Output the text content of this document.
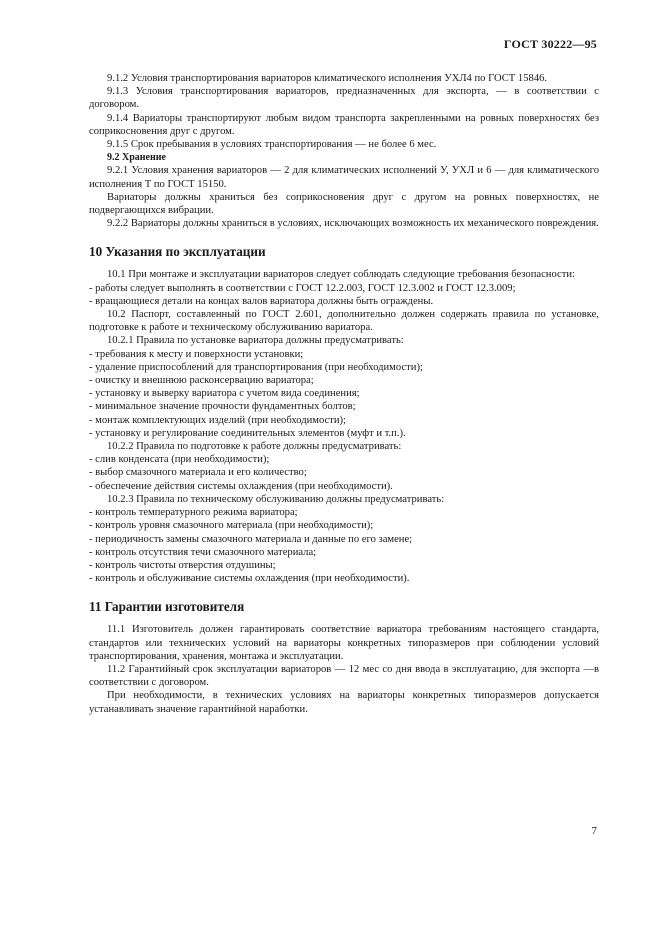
ГОСТ 30222—95

9.1.2 Условия транспортирования вариаторов климатического исполнения УХЛ4 по ГОСТ 15846.

9.1.3 Условия транспортирования вариаторов, предназначенных для экспорта, — в соответствии с договором.

9.1.4 Вариаторы транспортируют любым видом транспорта закрепленными на ровных поверхностях без соприкосновения друг с другом.

9.1.5 Срок пребывания в условиях транспортирования — не более 6 мес.

9.2 Хранение

9.2.1 Условия хранения вариаторов — 2 для климатических исполнений У, УХЛ и 6 — для климатического исполнения Т по ГОСТ 15150.

Вариаторы должны храниться без соприкосновения друг с другом на ровных поверхностях, не подвергающихся вибрации.

9.2.2 Вариаторы должны храниться в условиях, исключающих возможность их механического повреждения.

10 Указания по эксплуатации

10.1 При монтаже и эксплуатации вариаторов следует соблюдать следующие требования безопасности:

- работы следует выполнять в соответствии с ГОСТ 12.2.003, ГОСТ 12.3.002 и ГОСТ 12.3.009;

- вращающиеся детали на концах валов вариатора должны быть ограждены.

10.2 Паспорт, составленный по ГОСТ 2.601, дополнительно должен содержать правила по установке, подготовке к работе и техническому обслуживанию вариатора.

10.2.1 Правила по установке вариатора должны предусматривать:

- требования к месту и поверхности установки;

- удаление приспособлений для транспортирования (при необходимости);

- очистку и внешнюю расконсервацию вариатора;

- установку и выверку вариатора с учетом вида соединения;

- минимальное значение прочности фундаментных болтов;

- монтаж комплектующих изделий (при необходимости);

- установку и регулирование соединительных элементов (муфт и т.п.).

10.2.2 Правила по подготовке к работе должны предусматривать:

- слив конденсата (при необходимости);

- выбор смазочного материала и его количество;

- обеспечение действия системы охлаждения (при необходимости).

10.2.3 Правила по техническому обслуживанию должны предусматривать:

- контроль температурного режима вариатора;

- контроль уровня смазочного материала (при необходимости);

- периодичность замены смазочного материала и данные по его замене;

- контроль отсутствия течи смазочного материала;

- контроль чистоты отверстия отдушины;

- контроль и обслуживание системы охлаждения (при необходимости).

11 Гарантии изготовителя

11.1 Изготовитель должен гарантировать соответствие вариатора требованиям настоящего стандарта, стандартов или технических условий на вариаторы конкретных типоразмеров при соблюдении условий транспортирования, хранения, монтажа и эксплуатации.

11.2 Гарантийный срок эксплуатации вариаторов — 12 мес со дня ввода в эксплуатацию, для экспорта —в соответствии с договором.

При необходимости, в технических условиях на вариаторы конкретных типоразмеров допускается устанавливать значение гарантийной наработки.

7
